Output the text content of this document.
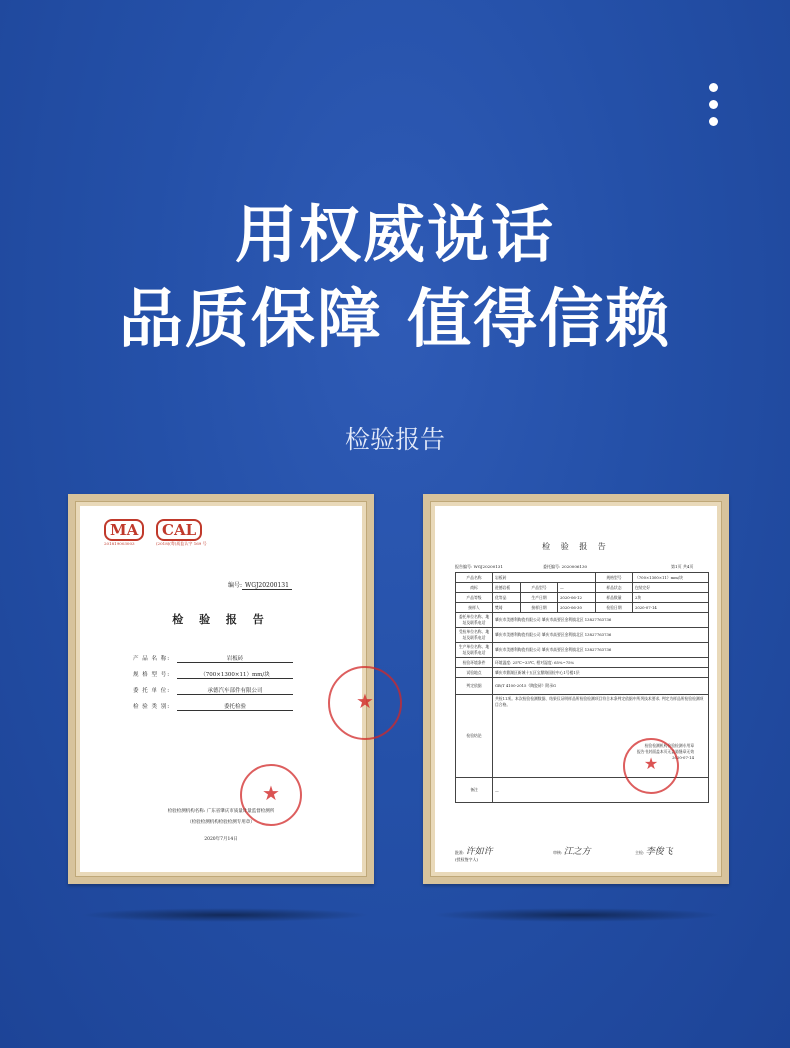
用权威说话
品质保障 值得信赖
检验报告
MA
201819003003
CAL
(2018)(粤)质监认字 169 号
编号: WGJ20200131
检 验 报 告
产 品 名 称:	岩板砖
规 格 型 号:	（700×1300×11）mm/块
委 托 单 位:	承德汽车部件有限公司
检 验 类 别:	委托检验	★
★
检验检测机构名称: 广东省肇庆市质量计量监督检测所
（检验检测机构检验检测专用章）
2020年7月14日
检 验 报 告
报告编号: WGJ20200131	委托编号: 2020006130	第1页 共4页
产品名称	岩板砖			规格型号	（700×1300×11）mm/块
商标	进德岩板	产品型号	—	样品状态	包装完好
产品等级	优等品	生产日期	2020-06-12	样品数量	2块
接样人	樊琦	接样日期	2020-06-30	检验日期	2020-07-14
委托单位名称、地址及联系电话	肇庆市美德利陶瓷有限公司 肇庆市高要区金利镇北区 13827763736				
受检单位名称、地址及联系电话	肇庆市美德利陶瓷有限公司 肇庆市高要区金利镇北区 13827763736				
生产单位名称、地址及联系电话	肇庆市美德利陶瓷有限公司 肇庆市高要区金利镇北区 13827763736				
检验环境条件	环境温度: 25℃~33℃, 相对湿度: 65%~75%				
试验地点	肇庆市鼎湖区新城十五区宝鼎路国检中心1号楼1层				
判定依据	GB/T 4100-2015《陶瓷砖》附录G				
检验结论	共检11项。本次检验检测数据、结果仅证明样品所检验检测项目符合本条判定依据中所列技术要求, 判定为样品所检验检测项目合格。
检验检测机构检验检测专用章
报告书封面盖本页无盖骑缝章无效
2020-07-14				

备注	—				
★
批准: 许如许
(授权签字人)
审核: 江之方	主检: 李俊飞
